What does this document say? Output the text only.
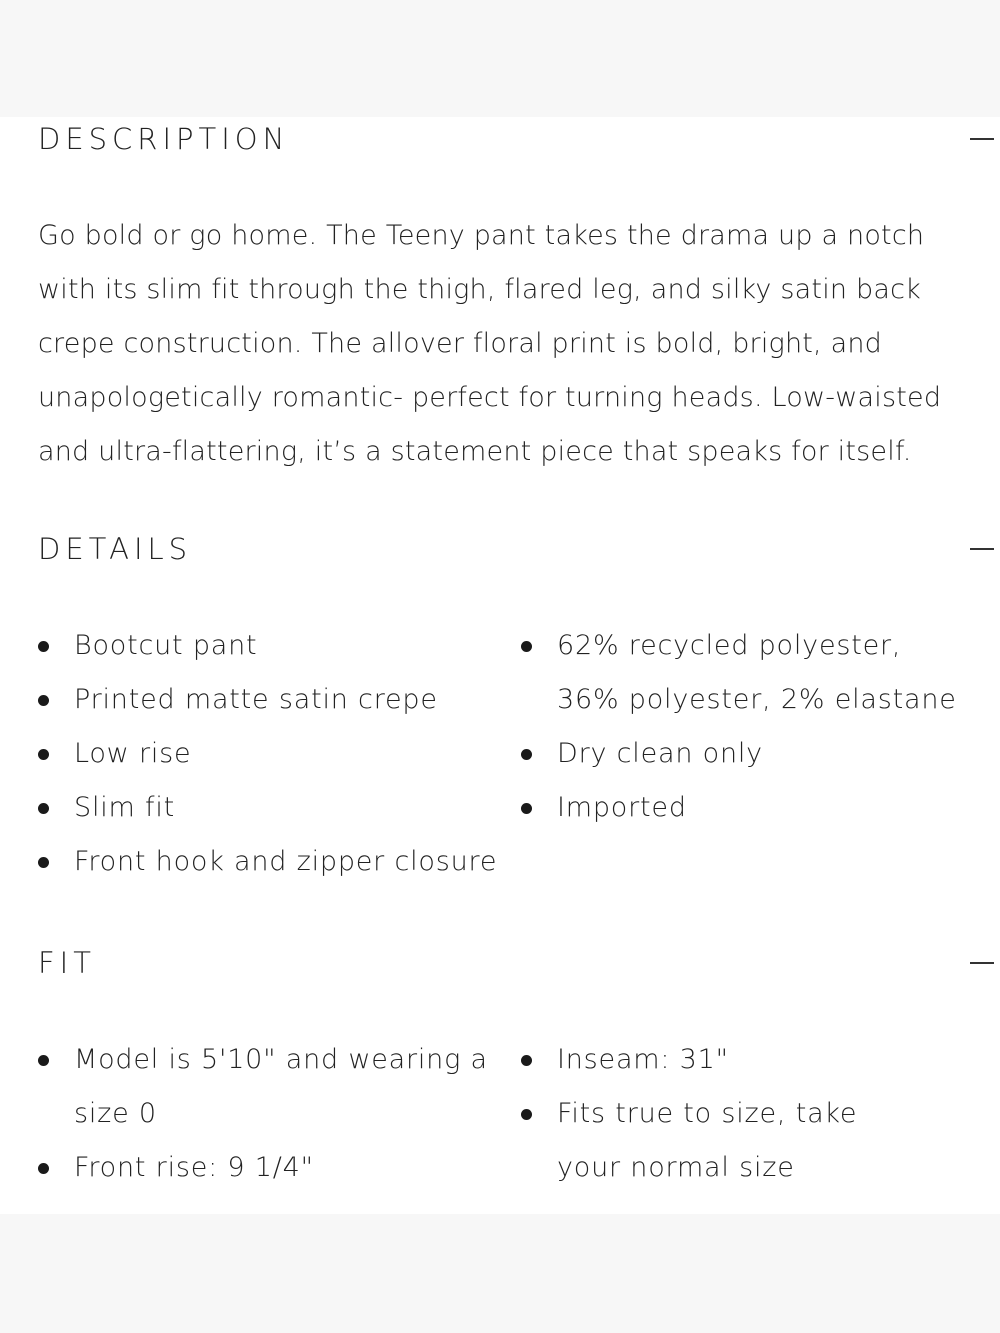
DESCRIPTION

Go bold or go home. The Teeny pant takes the drama up a notch with its slim fit through the thigh, flared leg, and silky satin back crepe construction. The allover floral print is bold, bright, and unapologetically romantic- perfect for turning heads. Low-waisted and ultra-flattering, it’s a statement piece that speaks for itself.

DETAILS
Bootcut pant
Printed matte satin crepe
Low rise
Slim fit
Front hook and zipper closure
62% recycled polyester, 36% polyester, 2% elastane
Dry clean only
Imported
FIT
Model is 5'10" and wearing a size 0
Front rise: 9 1/4"
Inseam: 31"
Fits true to size, take your normal size
